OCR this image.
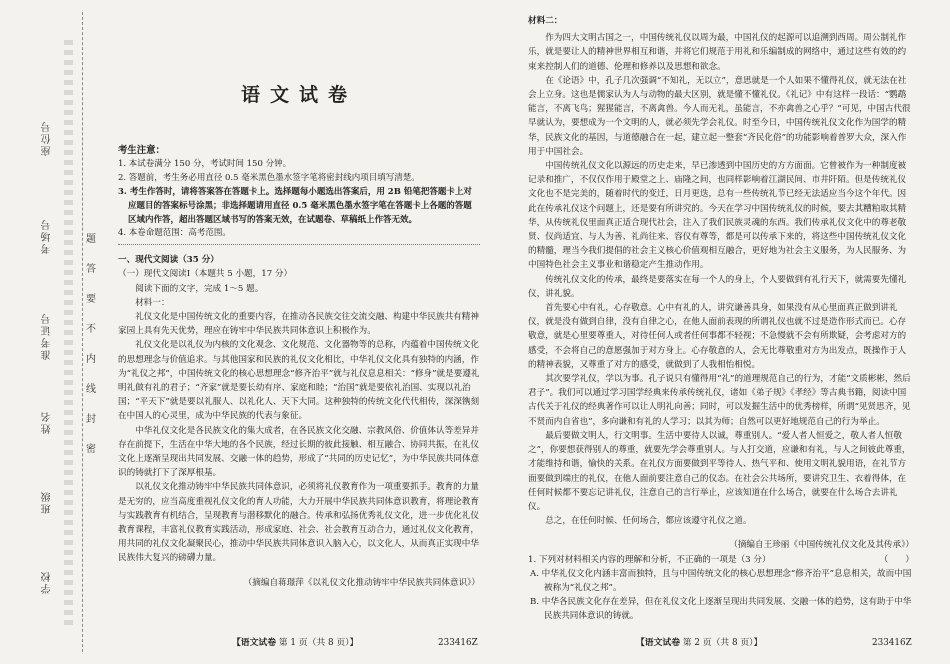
座位号
考场号
准考证号
姓名
班级
学校
题
答
要
不
内
线
封
密
语文试卷
考生注意：
1. 本试卷满分 150 分，考试时间 150 分钟。
2. 答题前，考生务必用直径 0.5 毫米黑色墨水签字笔将密封线内项目填写清楚。
3. 考生作答时，请将答案答在答题卡上。选择题每小题选出答案后，用 2B 铅笔把答题卡上对应题目的答案标号涂黑；非选择题请用直径 0.5 毫米黑色墨水签字笔在答题卡上各题的答题区域内作答，超出答题区域书写的答案无效，在试题卷、草稿纸上作答无效。
4. 本卷命题范围：高考范围。
一、现代文阅读（35 分）
（一）现代文阅读Ⅰ（本题共 5 小题，17 分）

阅读下面的文字，完成 1～5 题。

材料一：

礼仪文化是中国传统文化的重要内容，在推动各民族交往交流交融、构建中华民族共有精神家园上具有先天优势，理应在铸牢中华民族共同体意识上积极作为。

礼仪文化是以礼仪为内核的文化观念、文化规范、文化器物等的总称，内蕴着中国传统文化的思想理念与价值追求。与其他国家和民族的礼仪文化相比，中华礼仪文化具有独特的内涵，作为“礼仪之邦”，中国传统文化的核心思想理念“修齐治平”就与礼仪息息相关：“修身”就是要遵礼明礼做有礼的君子；“齐家”就是要长幼有序、家庭和睦；“治国”就是要依礼治国、实现以礼治国；“平天下”就是要以礼服人、以礼化人、天下大同。这种独特的传统文化代代相传，深深镌刻在中国人的心灵里，成为中华民族的代表与象征。

中华礼仪文化是各民族文化的集大成者，在各民族文化交融、宗教风俗、价值体认等差异并存在前提下，生活在中华大地的各个民族，经过长期的彼此接触、相互融合、协同共振，在礼仪文化上逐渐呈现出共同发展、交融一体的趋势，形成了“共同的历史记忆”，为中华民族共同体意识的铸就打下了深厚根基。

以礼仪文化推动铸牢中华民族共同体意识，必须将礼仪教育作为一项重要抓手。教育的力量是无穷的，应当高度重视礼仪文化的育人功能，大力开展中华民族共同体意识教育，将理论教育与实践教育有机结合，呈现教育与潜移默化的融合。传承和弘扬优秀礼仪文化，进一步优化礼仪教育课程，丰富礼仪教育实践活动，形成家庭、社会、社会教育互动合力，通过礼仪文化教育，用共同的礼仪文化凝聚民心，推动中华民族共同体意识入脑入心，以文化人，从而真正实现中华民族伟大复兴的磅礴力量。

（摘编自蒋璟萍《以礼仪文化推动铸牢中华民族共同体意识》）
【语文试卷 第 1 页（共 8 页）】	233416Z
材料二：

作为四大文明古国之一，中国传统礼仪以周为最，中国礼仪的起源可以追溯到西周。周公制礼作乐，就是要让人的精神世界相互和谐，并将它们规范于用礼和乐编制成的网络中，通过这些有效的约束来控制人们的道德、伦理和修养以及思想和欲念。

在《论语》中，孔子几次强调“不知礼，无以立”，意思就是一个人如果不懂得礼仪，就无法在社会上立身。这也是儒家认为人与动物的最大区别，就是懂不懂礼仪。《礼记》中有这样一段话：“鹦鹉能言，不离飞鸟；猩猩能言，不离禽兽。今人而无礼，虽能言，不亦禽兽之心乎？”可见，中国古代很早就认为，要想成为一个文明的人，就必须先学会礼仪。时至今日，中国传统礼仪文化作为国学的精华，民族文化的基因，与道德融合在一起，建立起一整套“齐民化俗”的功能影响着普罗大众，深入作用于中国社会。

中国传统礼仪文化以源远的历史走来，早已渗透到中国历史的方方面面。它曾被作为一种制度被记录和推广，不仅仅作用于殿堂之上、庙隆之间，也同样影响着江湖民间、市井阡陌。但是传统礼仪文化也不是完美的，随着时代的变迁，日月更迭，总有一些传统礼节已经无法适应当今这个年代。因此在传承礼仪这个问题上，还是要有所讲究的。今天在学习中国传统礼仪的时候，要去其糟粕取其精华，从传统礼仪里面真正适合现代社会，注入了我们民族灵魂的东西。我们传承礼仪文化中的尊老敬贤、仪尚适宜、与人为善、礼尚往来、容仪有尊等，都是可以传承下来的，将这些中国传统礼仪文化的精髓，理当今我们提倡的社会主义核心价值观相互融合，更好地为社会主义服务，为人民服务、为中国特色社会主义事业和谐稳定产生推动作用。

传统礼仪文化的传承，最终是要落实在每一个人的身上，个人要做到有礼行天下，就需要先懂礼仪，讲礼貌。

首先要心中有礼，心存敬意。心中有礼的人，讲究谦善具身，如果没有从心里面真正做到讲礼仪，就是没有做到自律，没有自律之心，在他人面前表现的所谓礼仪也就不过是造作形式而已。心存敬意，就是心里要尊重人，对待任何人或者任何事都不轻视；不急慢就不会有所欺疑，会考虑对方的感受，不会将自己的意愿强加于对方身上。心存敬意的人，会无比尊敬重对方为出发点，既操作于人的精神表貌，又尊重了对方的感受，就做到了人我相怡相悦。

其次要学礼仪，学以为事。孔子说只有懂得用“礼”的道理规范自己的行为，才能“文质彬彬，然后君子”。我们可以通过学习国学经典来传承传统礼仪，诸如《弟子规》《孝经》等古典书籍，阅读中国古代关于礼仪的经典著作可以让人明礼向善；同时，可以发掘生活中的优秀榜样，所谓“见贤思齐，见不贤而内自省也”，多向谦和有礼的人学习；以其为师；自然可以更好地规范自己的行为举止。

最后要做文明人，行文明事。生活中要待人以诚，尊重别人。“爱人者人恒爱之，敬人者人恒敬之”，你要想获得别人的尊重，就要先学会尊重别人。与人打交道，应谦和有礼，与人之间彼此尊重，才能维持和谐，愉快的关系。在礼仪方面要做到平等待人、热气平和、使用文明礼貌用语，在礼节方面要做到端庄的礼仪，在他人面前要注意自己的仪态。在社会公共场所，要讲究卫生、衣着得体，在任何时候都不要忘记讲礼仪，注意自己的言行举止，应该知道在什么场合，就要在什么场合去讲礼仪。

总之，在任何时候、任何场合，都应该遵守礼仪之道。

（摘编自王珍丽《中国传统礼仪文化及其传承》）

1. 下列对材料相关内容的理解和分析，不正确的一项是（3 分）	（　　）

A. 中华礼仪文化内涵丰富而独特，且与中国传统文化的核心思想理念“修齐治平”息息相关，故而中国被称为“礼仪之邦”。

B. 中华各民族文化存在差异，但在礼仪文化上逐渐呈现出共同发展、交融一体的趋势，这有助于中华民族共同体意识的铸就。

【语文试卷 第 2 页（共 8 页）】	233416Z
